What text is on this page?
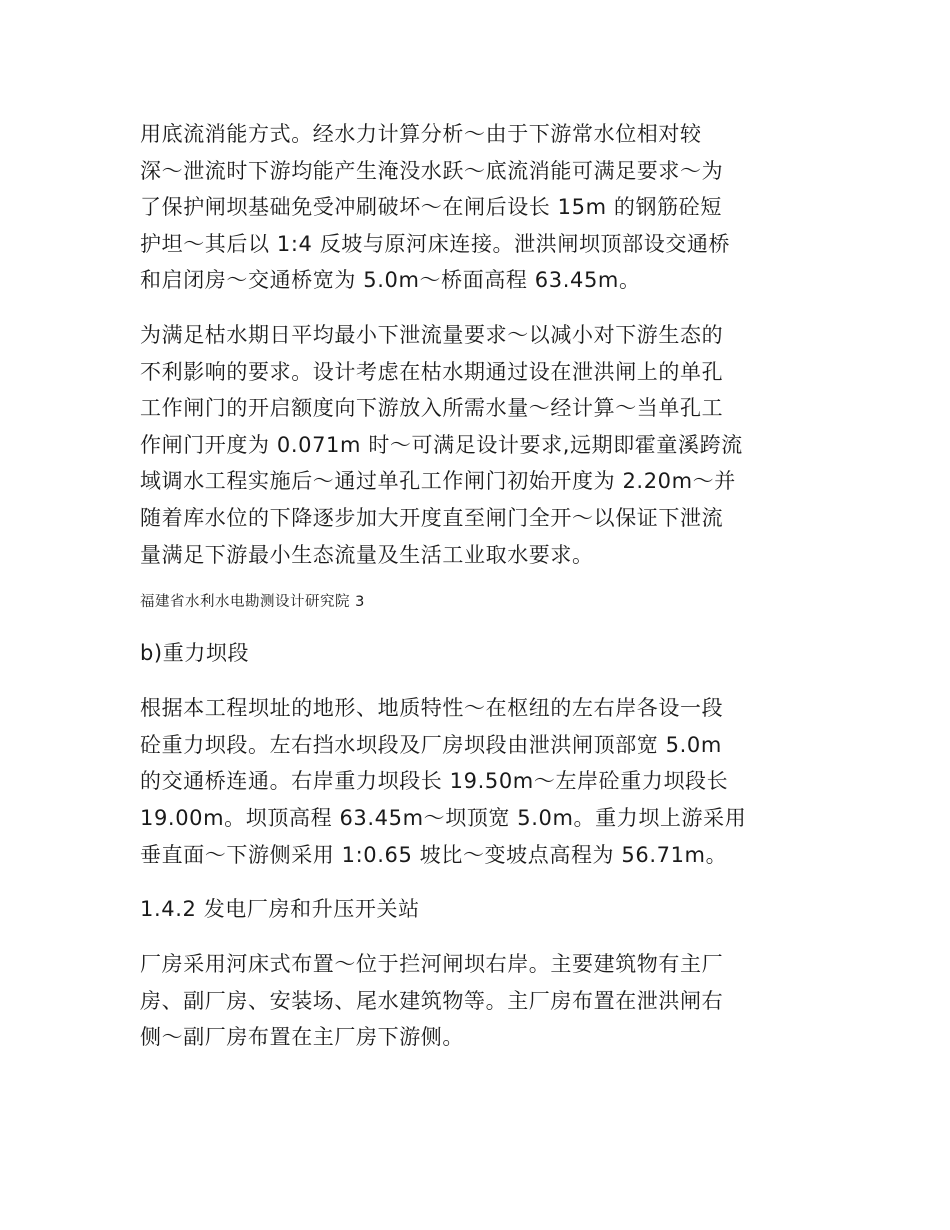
用底流消能方式。经水力计算分析～由于下游常水位相对较
深～泄流时下游均能产生淹没水跃～底流消能可满足要求～为
了保护闸坝基础免受冲刷破坏～在闸后设长 15m 的钢筋砼短
护坦～其后以 1:4 反坡与原河床连接。泄洪闸坝顶部设交通桥
和启闭房～交通桥宽为 5.0m～桥面高程 63.45m。

为满足枯水期日平均最小下泄流量要求～以减小对下游生态的
不利影响的要求。设计考虑在枯水期通过设在泄洪闸上的单孔
工作闸门的开启额度向下游放入所需水量～经计算～当单孔工
作闸门开度为 0.071m 时～可满足设计要求,远期即霍童溪跨流
域调水工程实施后～通过单孔工作闸门初始开度为 2.20m～并
随着库水位的下降逐步加大开度直至闸门全开～以保证下泄流
量满足下游最小生态流量及生活工业取水要求。

福建省水利水电勘测设计研究院 3
b)重力坝段

根据本工程坝址的地形、地质特性～在枢纽的左右岸各设一段
砼重力坝段。左右挡水坝段及厂房坝段由泄洪闸顶部宽 5.0m
的交通桥连通。右岸重力坝段长 19.50m～左岸砼重力坝段长
19.00m。坝顶高程 63.45m～坝顶宽 5.0m。重力坝上游采用
垂直面～下游侧采用 1:0.65 坡比～变坡点高程为 56.71m。

1.4.2 发电厂房和升压开关站

厂房采用河床式布置～位于拦河闸坝右岸。主要建筑物有主厂
房、副厂房、安装场、尾水建筑物等。主厂房布置在泄洪闸右
侧～副厂房布置在主厂房下游侧。
